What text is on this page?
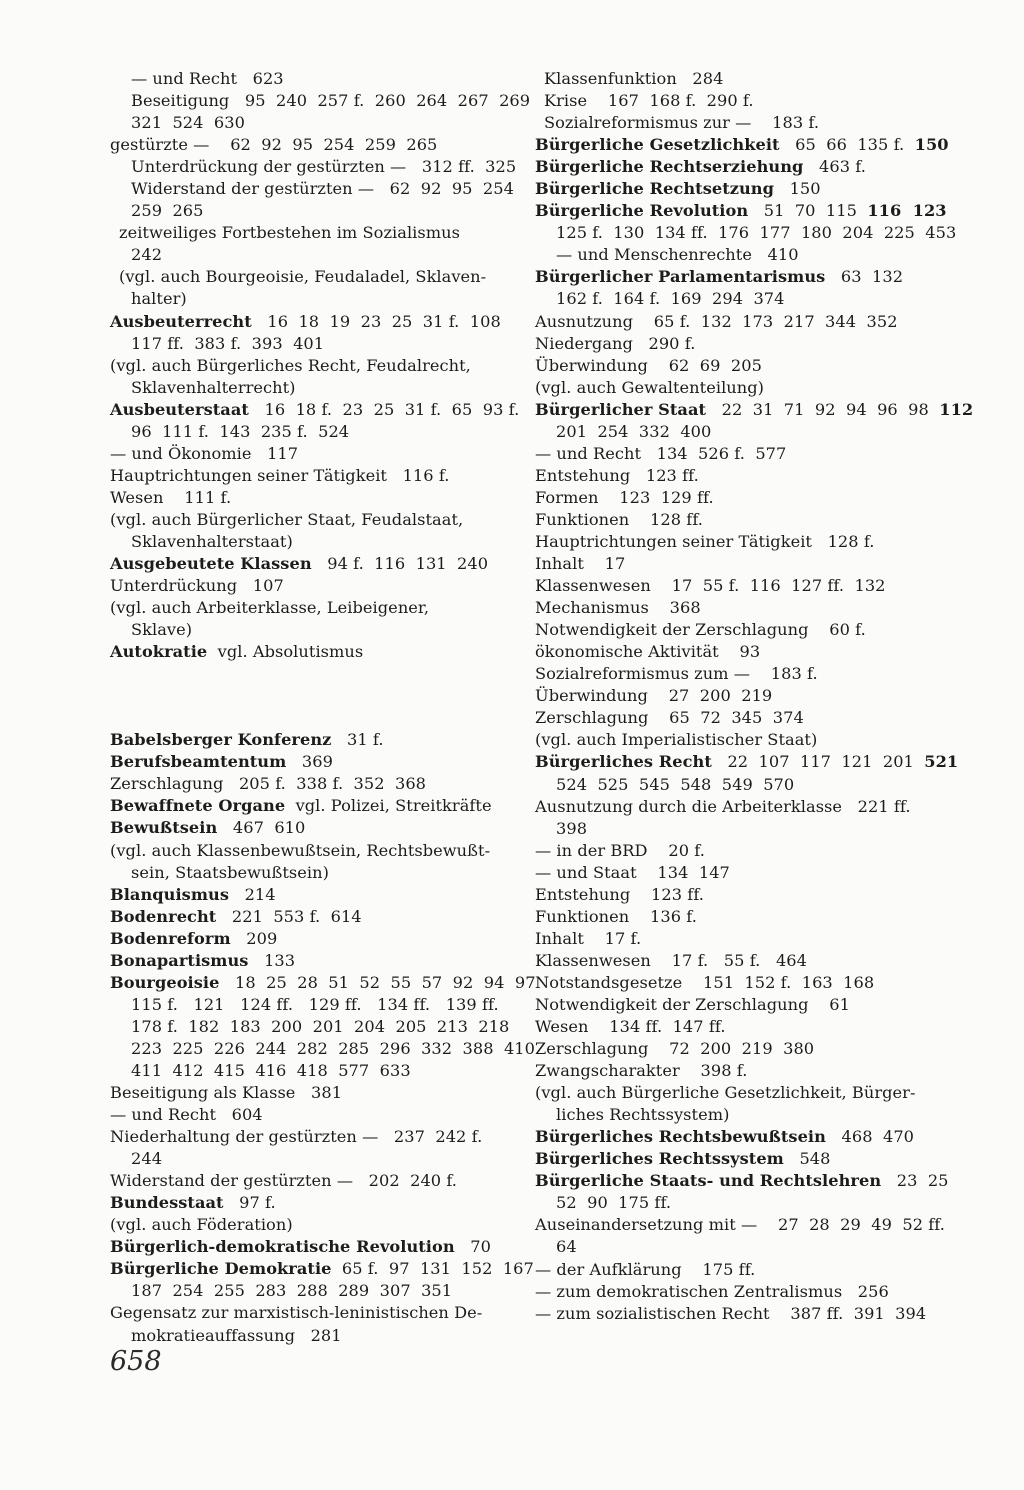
— und Recht   623
Beseitigung   95  240  257 f.  260  264  267  269
321  524  630
gestürzte —    62  92  95  254  259  265
Unterdrückung der gestürzten —   312 ff.  325
Widerstand der gestürzten —   62  92  95  254
259  265
zeitweiliges Fortbestehen im Sozialismus
242
(vgl. auch Bourgeoisie, Feudaladel, Sklaven-
halter)
Ausbeuterrecht   16  18  19  23  25  31 f.  108
117 ff.  383 f.  393  401
(vgl. auch Bürgerliches Recht, Feudalrecht,
Sklavenhalterrecht)
Ausbeuterstaat   16  18 f.  23  25  31 f.  65  93 f.
96  111 f.  143  235 f.  524
— und Ökonomie   117
Hauptrichtungen seiner Tätigkeit   116 f.
Wesen    111 f.
(vgl. auch Bürgerlicher Staat, Feudalstaat,
Sklavenhalterstaat)
Ausgebeutete Klassen   94 f.  116  131  240
Unterdrückung   107
(vgl. auch Arbeiterklasse, Leibeigener,
Sklave)
Autokratie  vgl. Absolutismus
Babelsberger Konferenz   31 f.
Berufsbeamtentum   369
Zerschlagung   205 f.  338 f.  352  368
Bewaffnete Organe  vgl. Polizei, Streitkräfte
Bewußtsein   467  610
(vgl. auch Klassenbewußtsein, Rechtsbewußt-
sein, Staatsbewußtsein)
Blanquismus   214
Bodenrecht   221  553 f.  614
Bodenreform   209
Bonapartismus   133
Bourgeoisie   18  25  28  51  52  55  57  92  94  97
115 f.   121   124 ff.   129 ff.   134 ff.   139 ff.
178 f.  182  183  200  201  204  205  213  218
223  225  226  244  282  285  296  332  388  410
411  412  415  416  418  577  633
Beseitigung als Klasse   381
— und Recht   604
Niederhaltung der gestürzten —   237  242 f.
244
Widerstand der gestürzten —   202  240 f.
Bundesstaat   97 f.
(vgl. auch Föderation)
Bürgerlich-demokratische Revolution   70
Bürgerliche Demokratie  65 f.  97  131  152  167
187  254  255  283  288  289  307  351
Gegensatz zur marxistisch-leninistischen De-
mokratieauffassung   281
Klassenfunktion   284
Krise    167  168 f.  290 f.
Sozialreformismus zur —    183 f.
Bürgerliche Gesetzlichkeit   65  66  135 f.  150
Bürgerliche Rechtserziehung   463 f.
Bürgerliche Rechtsetzung   150
Bürgerliche Revolution   51  70  115  116  123
125 f.  130  134 ff.  176  177  180  204  225  453
— und Menschenrechte   410
Bürgerlicher Parlamentarismus   63  132
162 f.  164 f.  169  294  374
Ausnutzung    65 f.  132  173  217  344  352
Niedergang   290 f.
Überwindung    62  69  205
(vgl. auch Gewaltenteilung)
Bürgerlicher Staat   22  31  71  92  94  96  98  112
201  254  332  400
— und Recht   134  526 f.  577
Entstehung   123 ff.
Formen    123  129 ff.
Funktionen    128 ff.
Hauptrichtungen seiner Tätigkeit   128 f.
Inhalt    17
Klassenwesen    17  55 f.  116  127 ff.  132
Mechanismus    368
Notwendigkeit der Zerschlagung    60 f.
ökonomische Aktivität    93
Sozialreformismus zum —    183 f.
Überwindung    27  200  219
Zerschlagung    65  72  345  374
(vgl. auch Imperialistischer Staat)
Bürgerliches Recht   22  107  117  121  201  521
524  525  545  548  549  570
Ausnutzung durch die Arbeiterklasse   221 ff.
398
— in der BRD    20 f.
— und Staat    134  147
Entstehung    123 ff.
Funktionen    136 f.
Inhalt    17 f.
Klassenwesen    17 f.   55 f.   464
Notstandsgesetze    151  152 f.  163  168
Notwendigkeit der Zerschlagung    61
Wesen    134 ff.  147 ff.
Zerschlagung    72  200  219  380
Zwangscharakter    398 f.
(vgl. auch Bürgerliche Gesetzlichkeit, Bürger-
liches Rechtssystem)
Bürgerliches Rechtsbewußtsein   468  470
Bürgerliches Rechtssystem   548
Bürgerliche Staats- und Rechtslehren   23  25
52  90  175 ff.
Auseinandersetzung mit —    27  28  29  49  52 ff.
64
— der Aufklärung    175 ff.
— zum demokratischen Zentralismus   256
— zum sozialistischen Recht    387 ff.  391  394
658
